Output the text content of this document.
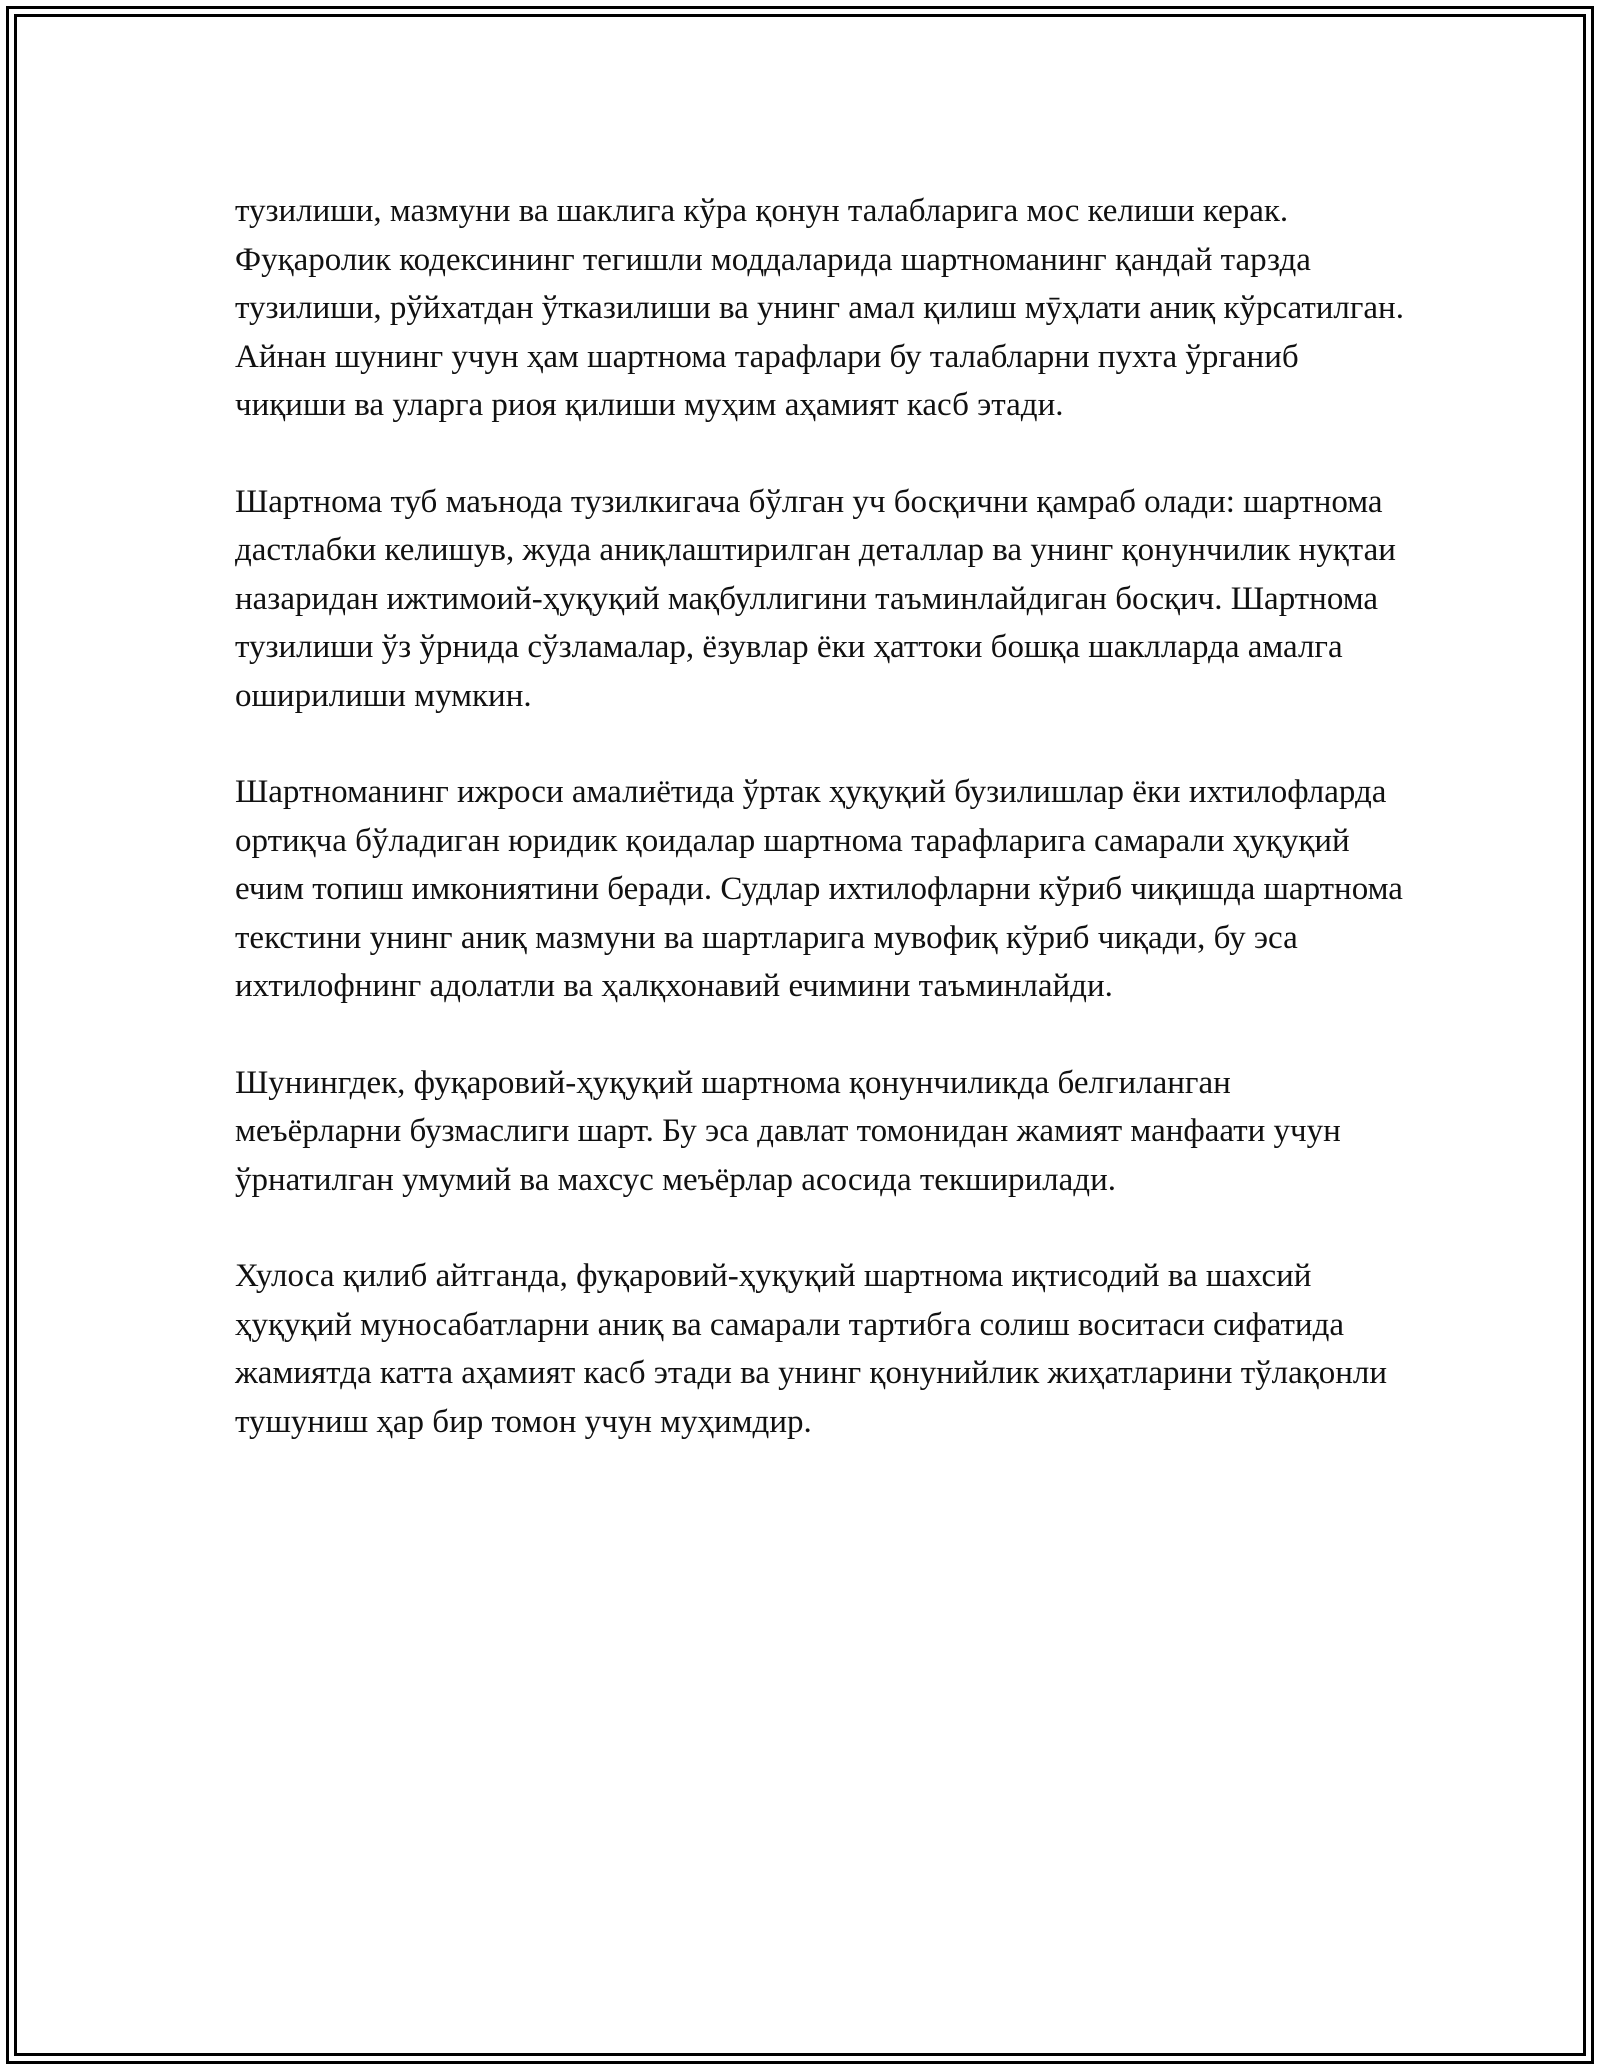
тузилиши, мазмуни ва шаклига кўра қонун талабларига мос келиши керак. Фуқаролик кодексининг тегишли моддаларида шартноманинг қандай тарзда тузилиши, рўйхатдан ўтказилиши ва унинг амал қилиш мӯҳлати аниқ кўрсатилган. Айнан шунинг учун ҳам шартнома тарафлари бу талабларни пухта ўрганиб чиқиши ва уларга риоя қилиши муҳим аҳамият касб этади.

Шартнома туб маънода тузилкигача бўлган уч босқични қамраб олади: шартнома дастлабки келишув, жуда аниқлаштирилган деталлар ва унинг қонунчилик нуқтаи назаридан ижтимоий-ҳуқуқий мақбуллигини таъминлайдиган босқич. Шартнома тузилиши ўз ўрнида сўзламалар, ёзувлар ёки ҳаттоки бошқа шаклларда амалга оширилиши мумкин.

Шартноманинг ижроси амалиётида ўртак ҳуқуқий бузилишлар ёки ихтилофларда ортиқча бўладиган юридик қоидалар шартнома тарафларига самарали ҳуқуқий ечим топиш имкониятини беради. Судлар ихтилофларни кўриб чиқишда шартнома текстини унинг аниқ мазмуни ва шартларига мувофиқ кўриб чиқади, бу эса ихтилофнинг адолатли ва ҳалқхонавий ечимини таъминлайди.

Шунингдек, фуқаровий-ҳуқуқий шартнома қонунчиликда белгиланган меъёрларни бузмаслиги шарт. Бу эса давлат томонидан жамият манфаати учун ўрнатилган умумий ва махсус меъёрлар асосида текширилади.

Хулоса қилиб айтганда, фуқаровий-ҳуқуқий шартнома иқтисодий ва шахсий ҳуқуқий муносабатларни аниқ ва самарали тартибга солиш воситаси сифатида жамиятда катта аҳамият касб этади ва унинг қонунийлик жиҳатларини тўлақонли тушуниш ҳар бир томон учун муҳимдир.
